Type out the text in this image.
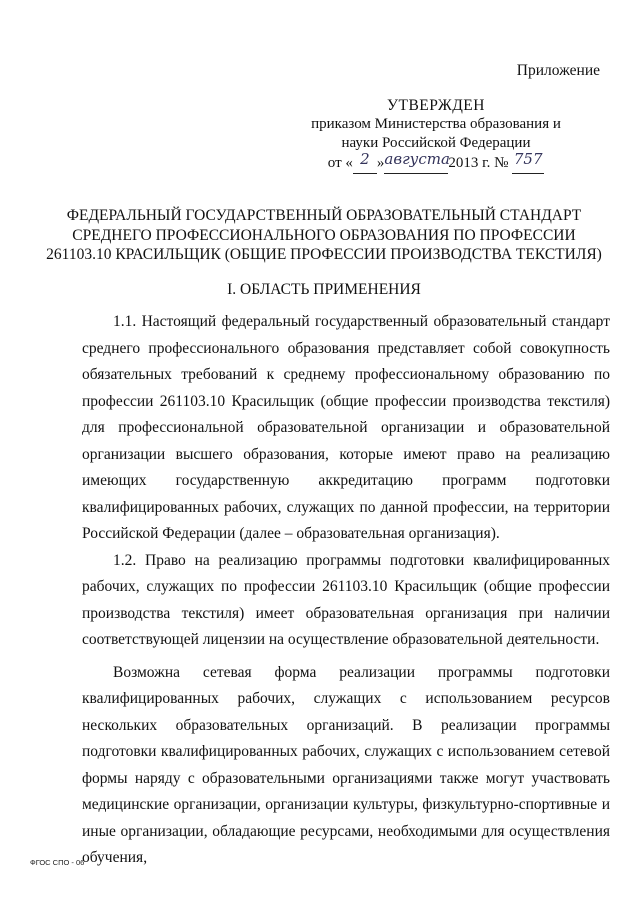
Приложение
УТВЕРЖДЕН
приказом Министерства образования и
науки Российской Федерации
от « 2 »августа2013 г. № 757
ФЕДЕРАЛЬНЫЙ ГОСУДАРСТВЕННЫЙ ОБРАЗОВАТЕЛЬНЫЙ СТАНДАРТ
СРЕДНЕГО ПРОФЕССИОНАЛЬНОГО ОБРАЗОВАНИЯ ПО ПРОФЕССИИ
261103.10 КРАСИЛЬЩИК (ОБЩИЕ ПРОФЕССИИ ПРОИЗВОДСТВА ТЕКСТИЛЯ)
I. ОБЛАСТЬ ПРИМЕНЕНИЯ

1.1. Настоящий федеральный государственный образовательный стандарт среднего профессионального образования представляет собой совокупность обязательных требований к среднему профессиональному образованию по профессии 261103.10 Красильщик (общие профессии производства текстиля) для профессиональной образовательной организации и образовательной организации высшего образования, которые имеют право на реализацию имеющих государственную аккредитацию программ подготовки квалифицированных рабочих, служащих по данной профессии, на территории Российской Федерации (далее – образовательная организация).

1.2. Право на реализацию программы подготовки квалифицированных рабочих, служащих по профессии 261103.10 Красильщик (общие профессии производства текстиля) имеет образовательная организация при наличии соответствующей лицензии на осуществление образовательной деятельности.

Возможна сетевая форма реализации программы подготовки квалифицированных рабочих, служащих с использованием ресурсов нескольких образовательных организаций. В реализации программы подготовки квалифицированных рабочих, служащих с использованием сетевой формы наряду с образовательными организациями также могут участвовать медицинские организации, организации культуры, физкультурно-спортивные и иные организации, обладающие ресурсами, необходимыми для осуществления обучения,

ФГОС СПО - 06
